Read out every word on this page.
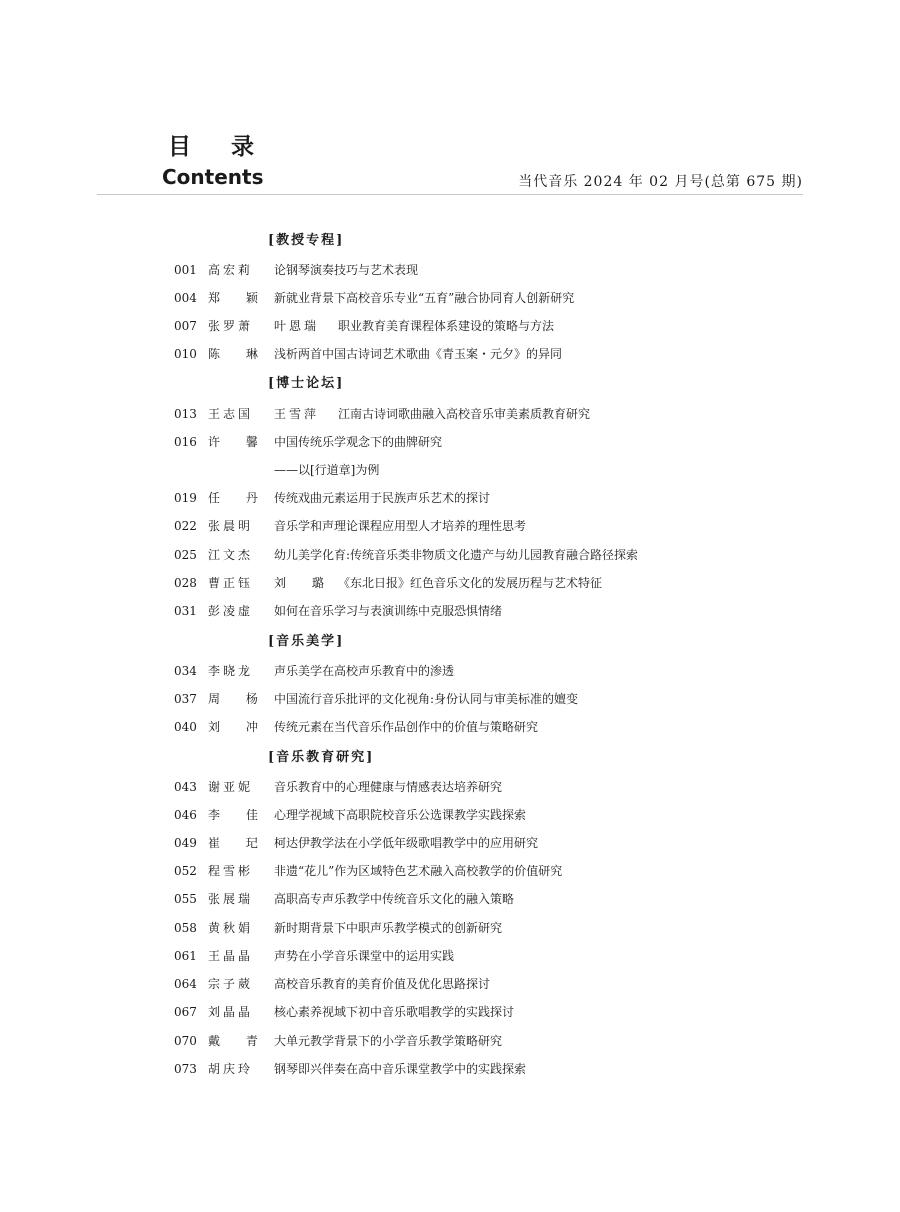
目 录
Contents	当代音乐 2024 年 02 月号(总第 675 期)
[教授专程]
001 高宏莉 论钢琴演奏技巧与艺术表现
004 郑 颖 新就业背景下高校音乐专业“五育”融合协同育人创新研究
007 张罗萧 叶恩瑞 职业教育美育课程体系建设的策略与方法
010 陈 琳 浅析两首中国古诗词艺术歌曲《青玉案・元夕》的异同
[博士论坛]
013 王志国 王雪萍 江南古诗词歌曲融入高校音乐审美素质教育研究
016 许 馨 中国传统乐学观念下的曲牌研究
——以[行道章]为例
019 任 丹 传统戏曲元素运用于民族声乐艺术的探讨
022 张晨明 音乐学和声理论课程应用型人才培养的理性思考
025 江文杰 幼儿美学化育:传统音乐类非物质文化遗产与幼儿园教育融合路径探索
028 曹正钰 刘 璐 《东北日报》红色音乐文化的发展历程与艺术特征
031 彭凌虚 如何在音乐学习与表演训练中克服恐惧情绪
[音乐美学]
034 李晓龙 声乐美学在高校声乐教育中的渗透
037 周 杨 中国流行音乐批评的文化视角:身份认同与审美标准的嬗变
040 刘 冲 传统元素在当代音乐作品创作中的价值与策略研究
[音乐教育研究]
043 谢亚妮 音乐教育中的心理健康与情感表达培养研究
046 李 佳 心理学视域下高职院校音乐公选课教学实践探索
049 崔 玘 柯达伊教学法在小学低年级歌唱教学中的应用研究
052 程雪彬 非遗“花儿”作为区域特色艺术融入高校教学的价值研究
055 张展瑞 高职高专声乐教学中传统音乐文化的融入策略
058 黄秋娟 新时期背景下中职声乐教学模式的创新研究
061 王晶晶 声势在小学音乐课堂中的运用实践
064 宗子葳 高校音乐教育的美育价值及优化思路探讨
067 刘晶晶 核心素养视域下初中音乐歌唱教学的实践探讨
070 戴 青 大单元教学背景下的小学音乐教学策略研究
073 胡庆玲 钢琴即兴伴奏在高中音乐课堂教学中的实践探索
